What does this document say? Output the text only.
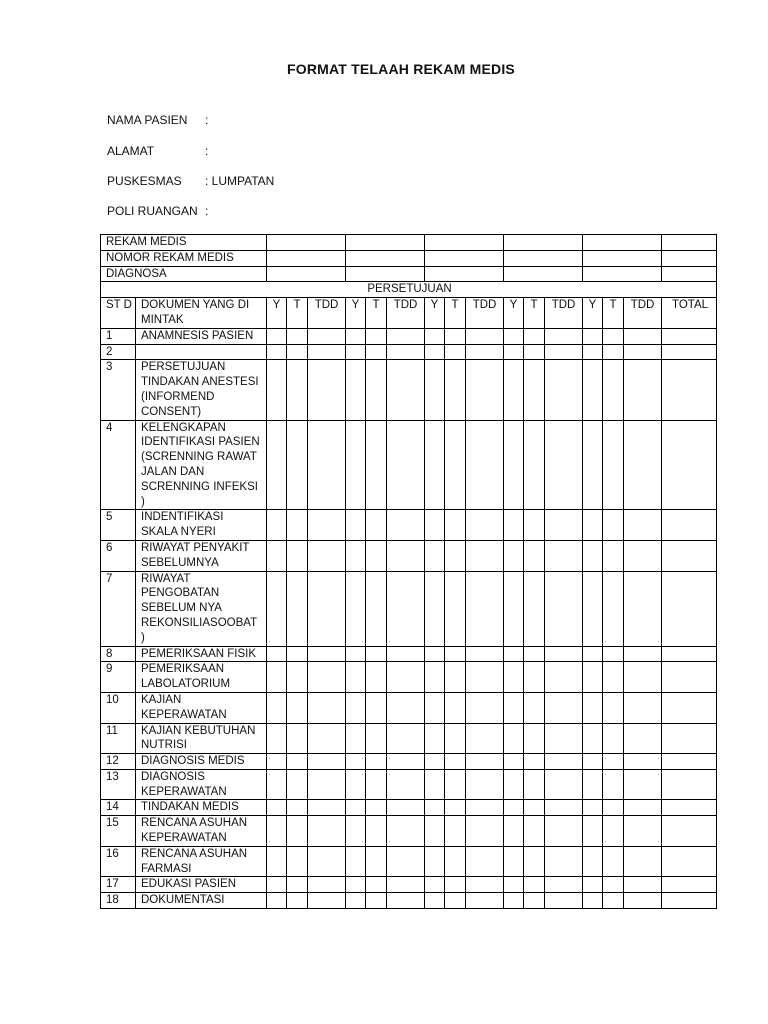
FORMAT TELAAH REKAM MEDIS
NAMA PASIEN :
ALAMAT	:
PUSKESMAS : LUMPATAN
POLI RUANGAN :
REKAM MEDIS																	
NOMOR REKAM MEDIS																	
DIAGNOSA																	
PERSETUJUAN																	
ST D	DOKUMEN YANG DI MINTAK	Y	T	TDD	Y	T	TDD	Y	T	TDD	Y	T	TDD	Y	T	TDD	TOTAL
1	ANAMNESIS PASIEN																
2																	
3	PERSETUJUAN TINDAKAN ANESTESI (INFORMEND CONSENT)																
4	KELENGKAPAN IDENTIFIKASI PASIEN (SCRENNING RAWAT JALAN DAN SCRENNING INFEKSI )																
5	INDENTIFIKASI SKALA NYERI																
6	RIWAYAT PENYAKIT SEBELUMNYA																
7	RIWAYAT PENGOBATAN SEBELUM NYA REKONSILIASOOBAT )																
8	PEMERIKSAAN FISIK																
9	PEMERIKSAAN LABOLATORIUM																
10	KAJIAN KEPERAWATAN																
11	KAJIAN KEBUTUHAN NUTRISI																
12	DIAGNOSIS MEDIS																
13	DIAGNOSIS KEPERAWATAN																
14	TINDAKAN MEDIS																
15	RENCANA ASUHAN KEPERAWATAN																
16	RENCANA ASUHAN FARMASI																
17	EDUKASI PASIEN																
18	DOKUMENTASI																
